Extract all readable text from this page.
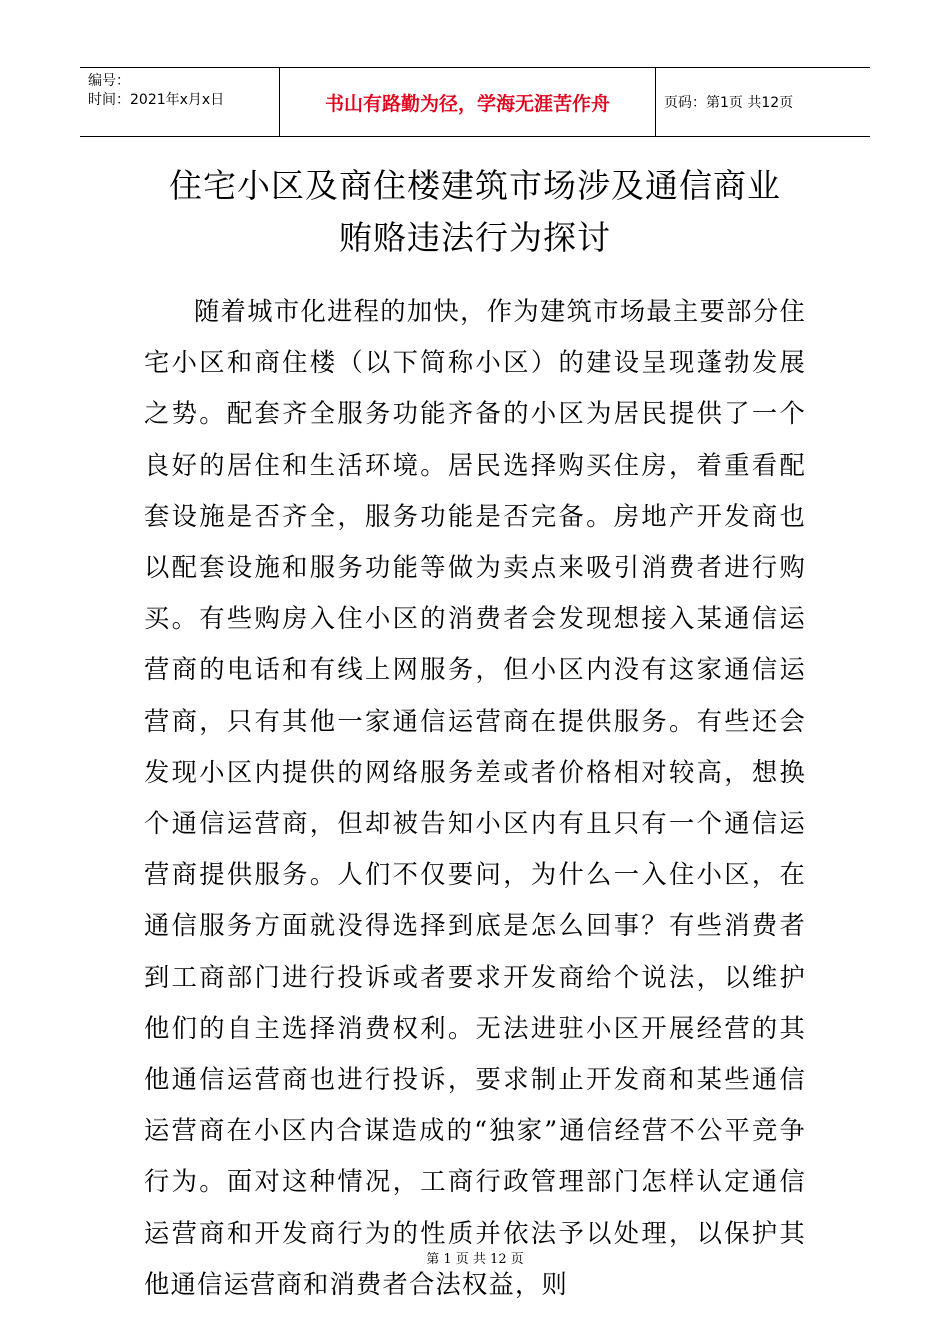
编号：
时间：2021年x月x日	书山有路勤为径，学海无涯苦作舟	页码：第1页 共12页
住宅小区及商住楼建筑市场涉及通信商业
贿赂违法行为探讨

随着城市化进程的加快，作为建筑市场最主要部分住宅小区和商住楼（以下简称小区）的建设呈现蓬勃发展之势。配套齐全服务功能齐备的小区为居民提供了一个良好的居住和生活环境。居民选择购买住房，着重看配套设施是否齐全，服务功能是否完备。房地产开发商也以配套设施和服务功能等做为卖点来吸引消费者进行购买。有些购房入住小区的消费者会发现想接入某通信运营商的电话和有线上网服务，但小区内没有这家通信运营商，只有其他一家通信运营商在提供服务。有些还会发现小区内提供的网络服务差或者价格相对较高，想换个通信运营商，但却被告知小区内有且只有一个通信运营商提供服务。人们不仅要问，为什么一入住小区，在通信服务方面就没得选择到底是怎么回事？有些消费者到工商部门进行投诉或者要求开发商给个说法，以维护他们的自主选择消费权利。无法进驻小区开展经营的其他通信运营商也进行投诉，要求制止开发商和某些通信运营商在小区内合谋造成的“独家”通信经营不公平竞争行为。面对这种情况，工商行政管理部门怎样认定通信运营商和开发商行为的性质并依法予以处理，以保护其他通信运营商和消费者合法权益，则

第 1 页 共 12 页
